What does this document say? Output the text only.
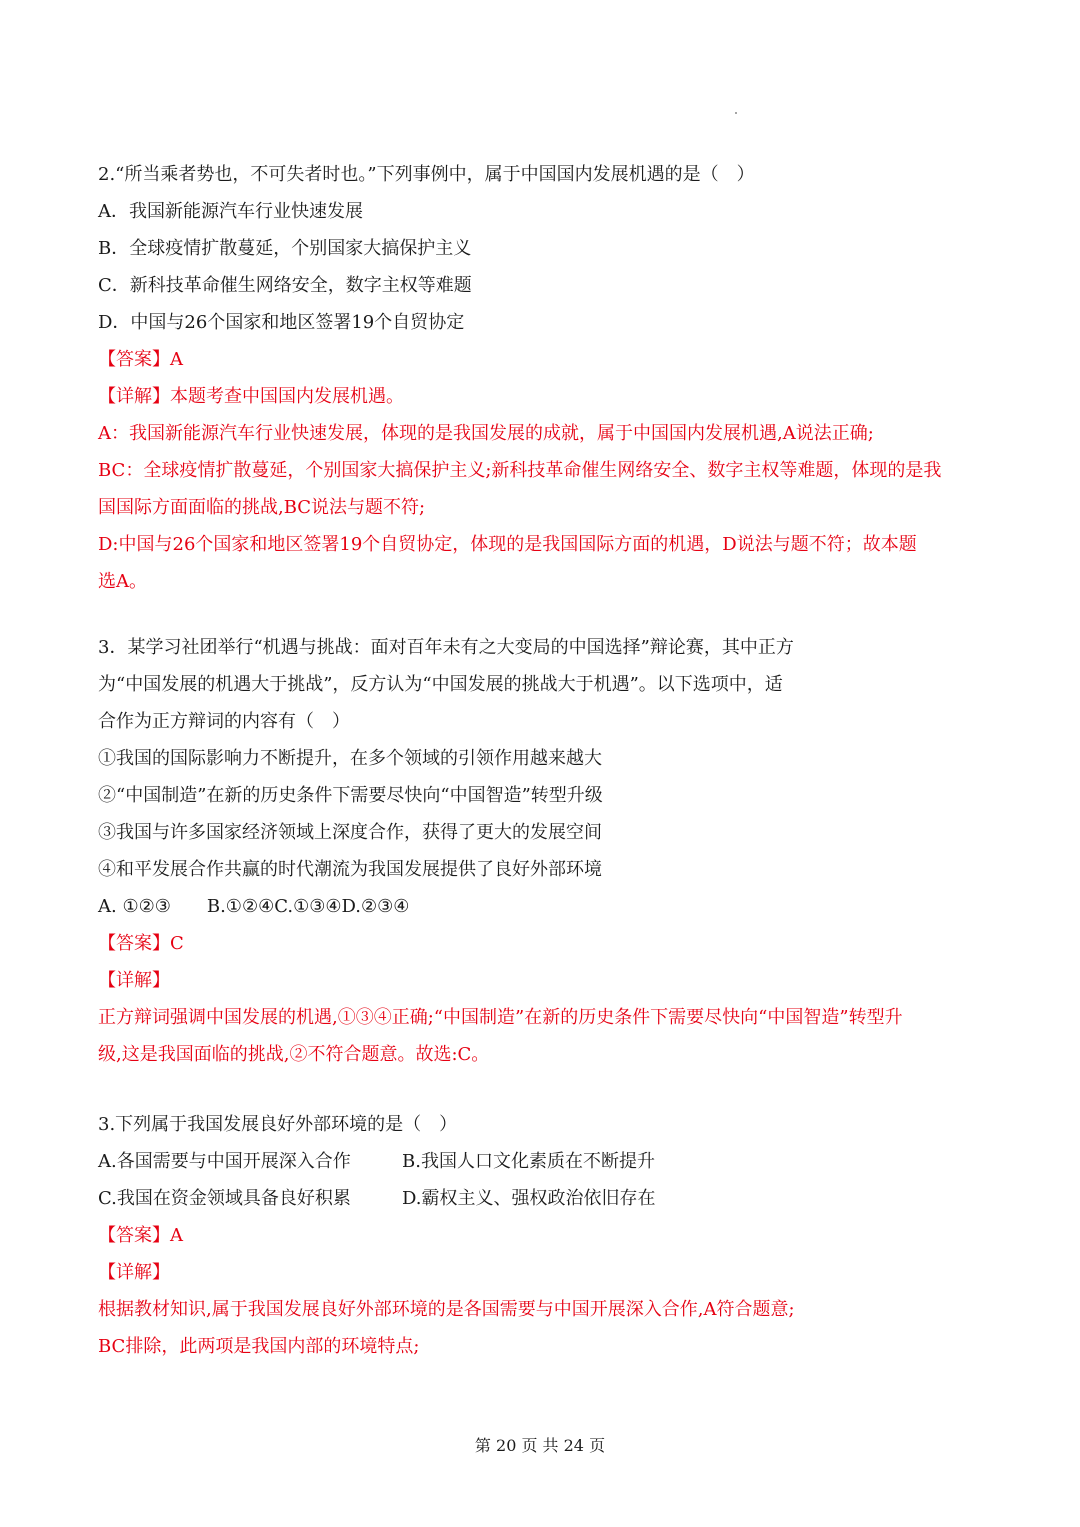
2.“所当乘者势也，不可失者时也。”下列事例中，属于中国国内发展机遇的是（　）
A．我国新能源汽车行业快速发展
B．全球疫情扩散蔓延，个别国家大搞保护主义
C．新科技革命催生网络安全，数字主权等难题
D．中国与26个国家和地区签署19个自贸协定
【答案】A
【详解】本题考查中国国内发展机遇。
A：我国新能源汽车行业快速发展，体现的是我国发展的成就，属于中国国内发展机遇,A说法正确;
BC：全球疫情扩散蔓延，个别国家大搞保护主义;新科技革命催生网络安全、数字主权等难题，体现的是我
国国际方面面临的挑战,BC说法与题不符;
D:中国与26个国家和地区签署19个自贸协定，体现的是我国国际方面的机遇，D说法与题不符；故本题
选A。
3．某学习社团举行“机遇与挑战：面对百年未有之大变局的中国选择”辩论赛，其中正方
为“中国发展的机遇大于挑战”，反方认为“中国发展的挑战大于机遇”。以下选项中，适
合作为正方辩词的内容有（　）
①我国的国际影响力不断提升，在多个领域的引领作用越来越大
②“中国制造”在新的历史条件下需要尽快向“中国智造”转型升级
③我国与许多国家经济领域上深度合作，获得了更大的发展空间
④和平发展合作共赢的时代潮流为我国发展提供了良好外部环境
A. ①②③　　B.①②④C.①③④D.②③④
【答案】C
【详解】
正方辩词强调中国发展的机遇,①③④正确;“中国制造”在新的历史条件下需要尽快向“中国智造”转型升
级,这是我国面临的挑战,②不符合题意。故选:C。
3.下列属于我国发展良好外部环境的是（　）
A.各国需要与中国开展深入合作	B.我国人口文化素质在不断提升
C.我国在资金领域具备良好积累	D.霸权主义、强权政治依旧存在
【答案】A
【详解】
根据教材知识,属于我国发展良好外部环境的是各国需要与中国开展深入合作,A符合题意;
BC排除，此两项是我国内部的环境特点;
第 20 页 共 24 页
